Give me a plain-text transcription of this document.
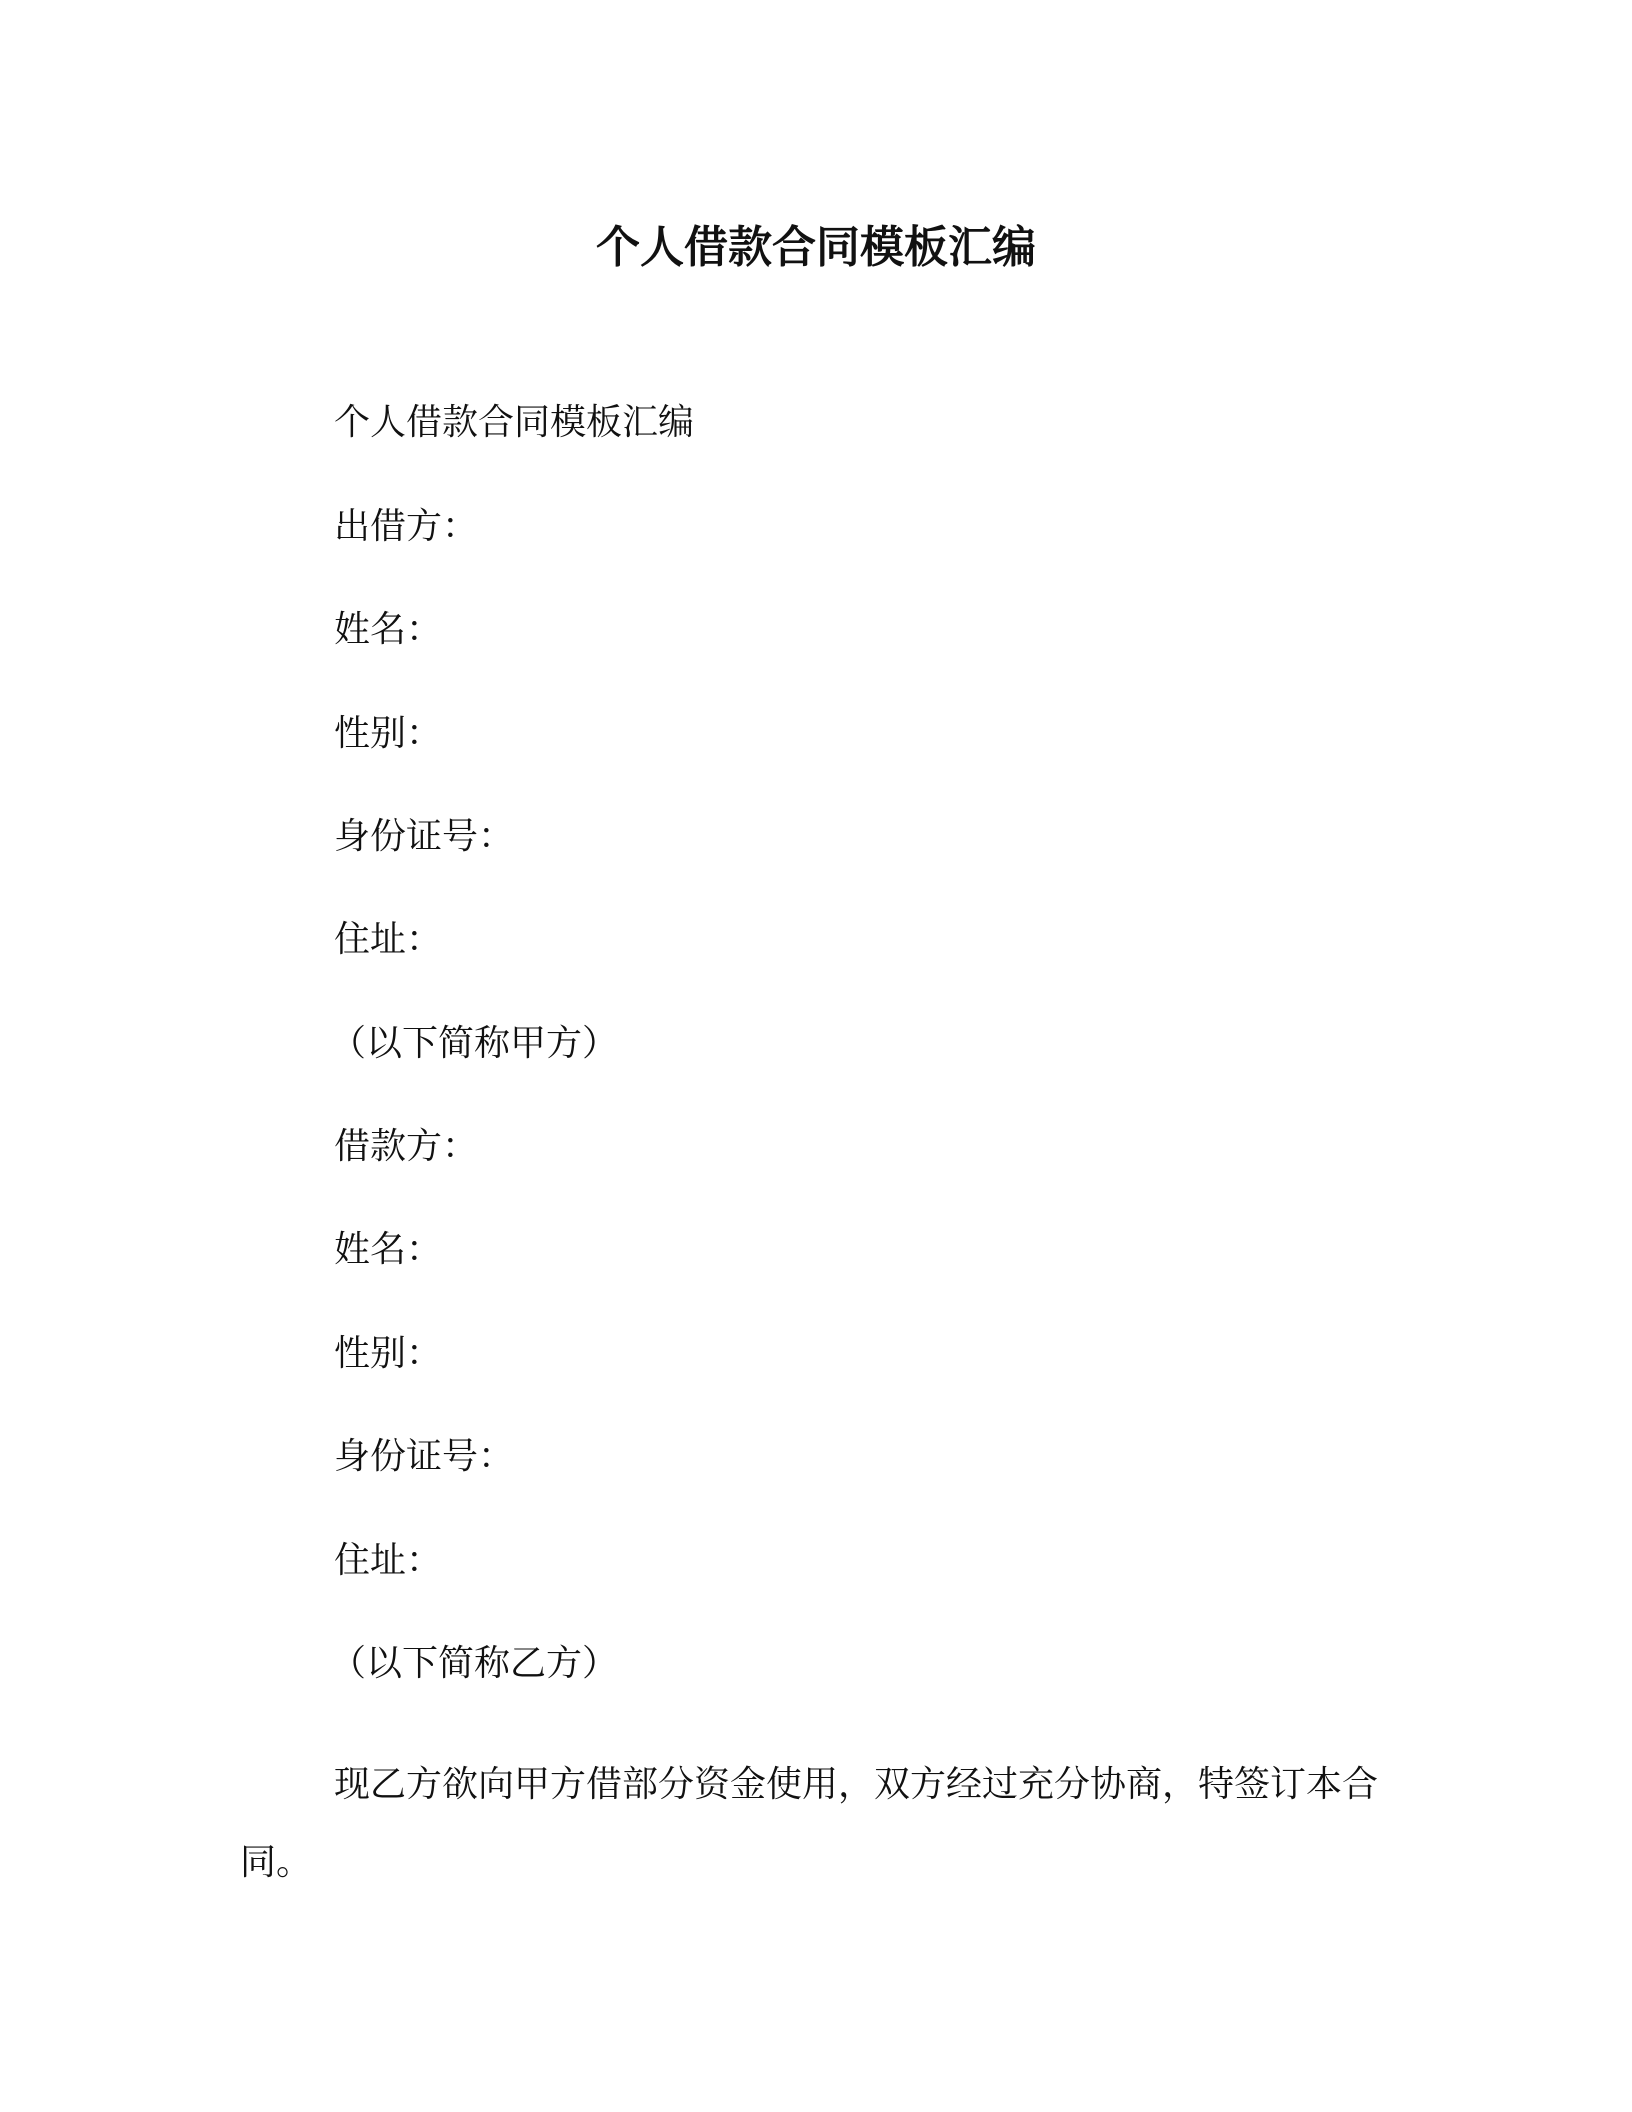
个人借款合同模板汇编
个人借款合同模板汇编
出借方：
姓名：
性别：
身份证号：
住址：
（以下简称甲方）
借款方：
姓名：
性别：
身份证号：
住址：
（以下简称乙方）
现乙方欲向甲方借部分资金使用，双方经过充分协商，特签订本合同。
